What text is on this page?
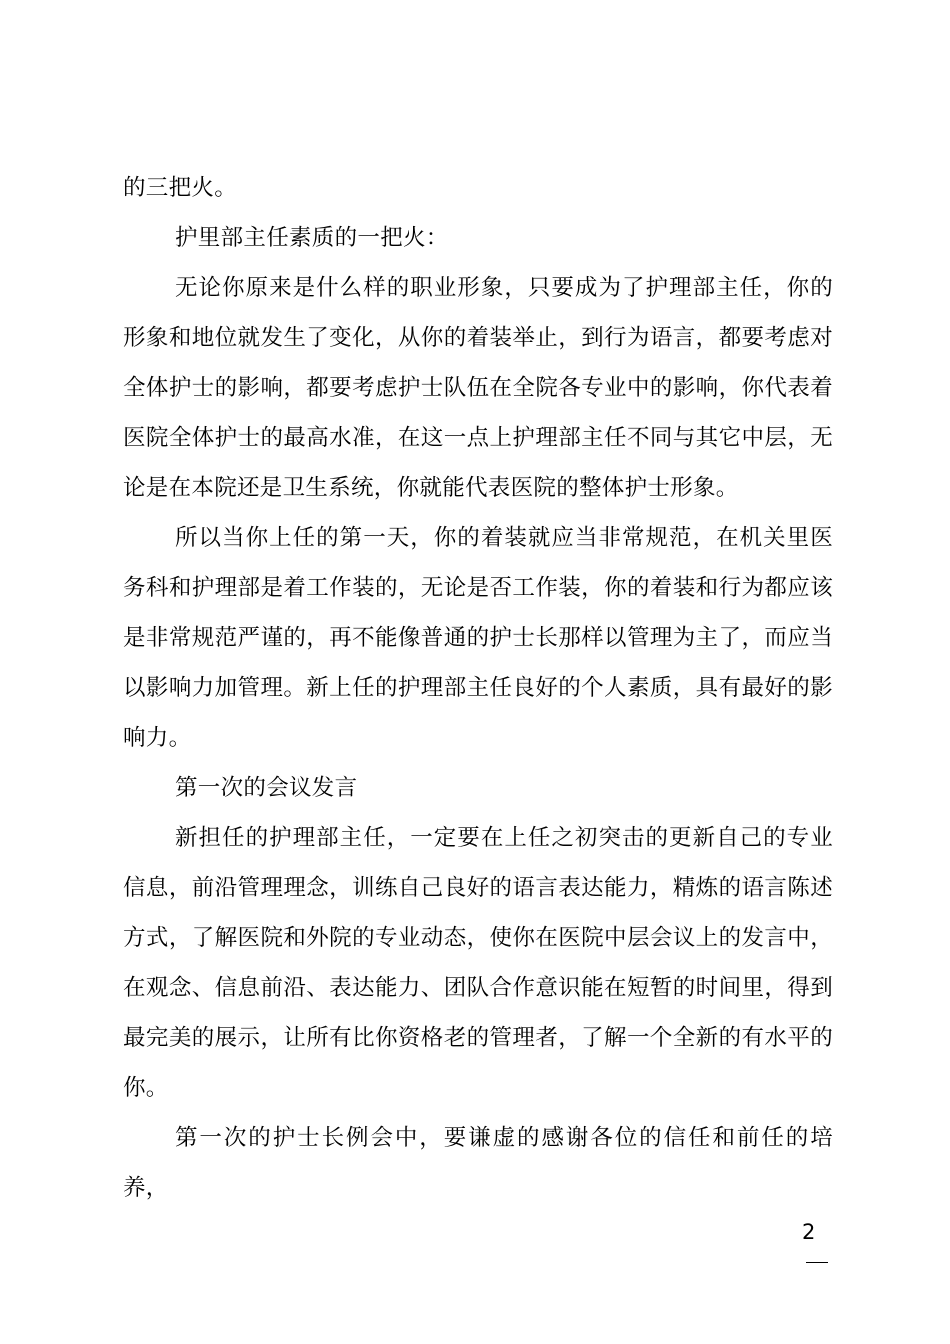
的三把火。

护里部主任素质的一把火：

无论你原来是什么样的职业形象，只要成为了护理部主任，你的形象和地位就发生了变化，从你的着装举止，到行为语言，都要考虑对全体护士的影响，都要考虑护士队伍在全院各专业中的影响，你代表着医院全体护士的最高水准，在这一点上护理部主任不同与其它中层，无论是在本院还是卫生系统，你就能代表医院的整体护士形象。

所以当你上任的第一天，你的着装就应当非常规范，在机关里医务科和护理部是着工作装的，无论是否工作装，你的着装和行为都应该是非常规范严谨的，再不能像普通的护士长那样以管理为主了，而应当以影响力加管理。新上任的护理部主任良好的个人素质，具有最好的影响力。

第一次的会议发言

新担任的护理部主任，一定要在上任之初突击的更新自己的专业信息，前沿管理理念，训练自己良好的语言表达能力，精炼的语言陈述方式，了解医院和外院的专业动态，使你在医院中层会议上的发言中，在观念、信息前沿、表达能力、团队合作意识能在短暂的时间里，得到最完美的展示，让所有比你资格老的管理者，了解一个全新的有水平的你。

第一次的护士长例会中，要谦虚的感谢各位的信任和前任的培养，

2
